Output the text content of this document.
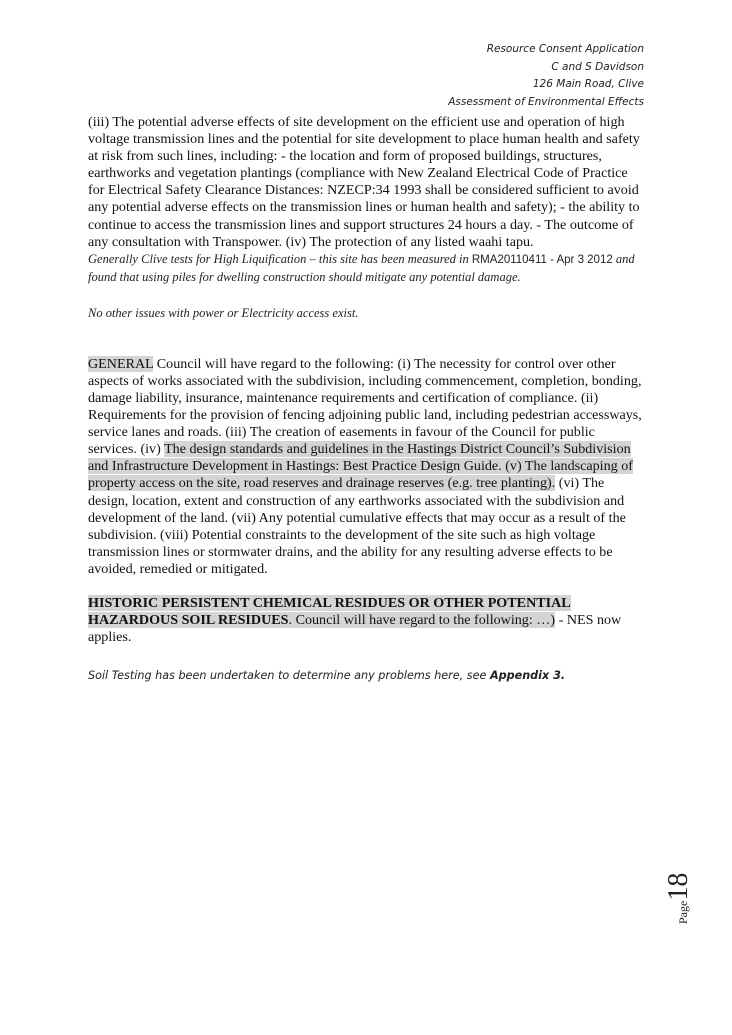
Resource Consent Application
C and S Davidson
126 Main Road, Clive
Assessment of Environmental Effects

(iii) The potential adverse effects of site development on the efficient use and operation of high voltage transmission lines and the potential for site development to place human health and safety at risk from such lines, including: - the location and form of proposed buildings, structures, earthworks and vegetation plantings (compliance with New Zealand Electrical Code of Practice for Electrical Safety Clearance Distances: NZECP:34 1993 shall be considered sufficient to avoid any potential adverse effects on the transmission lines or human health and safety); - the ability to continue to access the transmission lines and support structures 24 hours a day. - The outcome of any consultation with Transpower. (iv) The protection of any listed waahi tapu.

Generally Clive tests for High Liquification – this site has been measured in RMA20110411 - Apr 3 2012 and found that using piles for dwelling construction should mitigate any potential damage.

No other issues with power or Electricity access exist.

GENERAL Council will have regard to the following: (i) The necessity for control over other aspects of works associated with the subdivision, including commencement, completion, bonding, damage liability, insurance, maintenance requirements and certification of compliance. (ii) Requirements for the provision of fencing adjoining public land, including pedestrian accessways, service lanes and roads. (iii) The creation of easements in favour of the Council for public services. (iv) The design standards and guidelines in the Hastings District Council’s Subdivision and Infrastructure Development in Hastings: Best Practice Design Guide. (v) The landscaping of property access on the site, road reserves and drainage reserves (e.g. tree planting). (vi) The design, location, extent and construction of any earthworks associated with the subdivision and development of the land. (vii) Any potential cumulative effects that may occur as a result of the subdivision. (viii) Potential constraints to the development of the site such as high voltage transmission lines or stormwater drains, and the ability for any resulting adverse effects to be avoided, remedied or mitigated.

HISTORIC PERSISTENT CHEMICAL RESIDUES OR OTHER POTENTIAL HAZARDOUS SOIL RESIDUES. Council will have regard to the following: …) - NES now applies.

Soil Testing has been undertaken to determine any problems here, see Appendix 3.

Page18
